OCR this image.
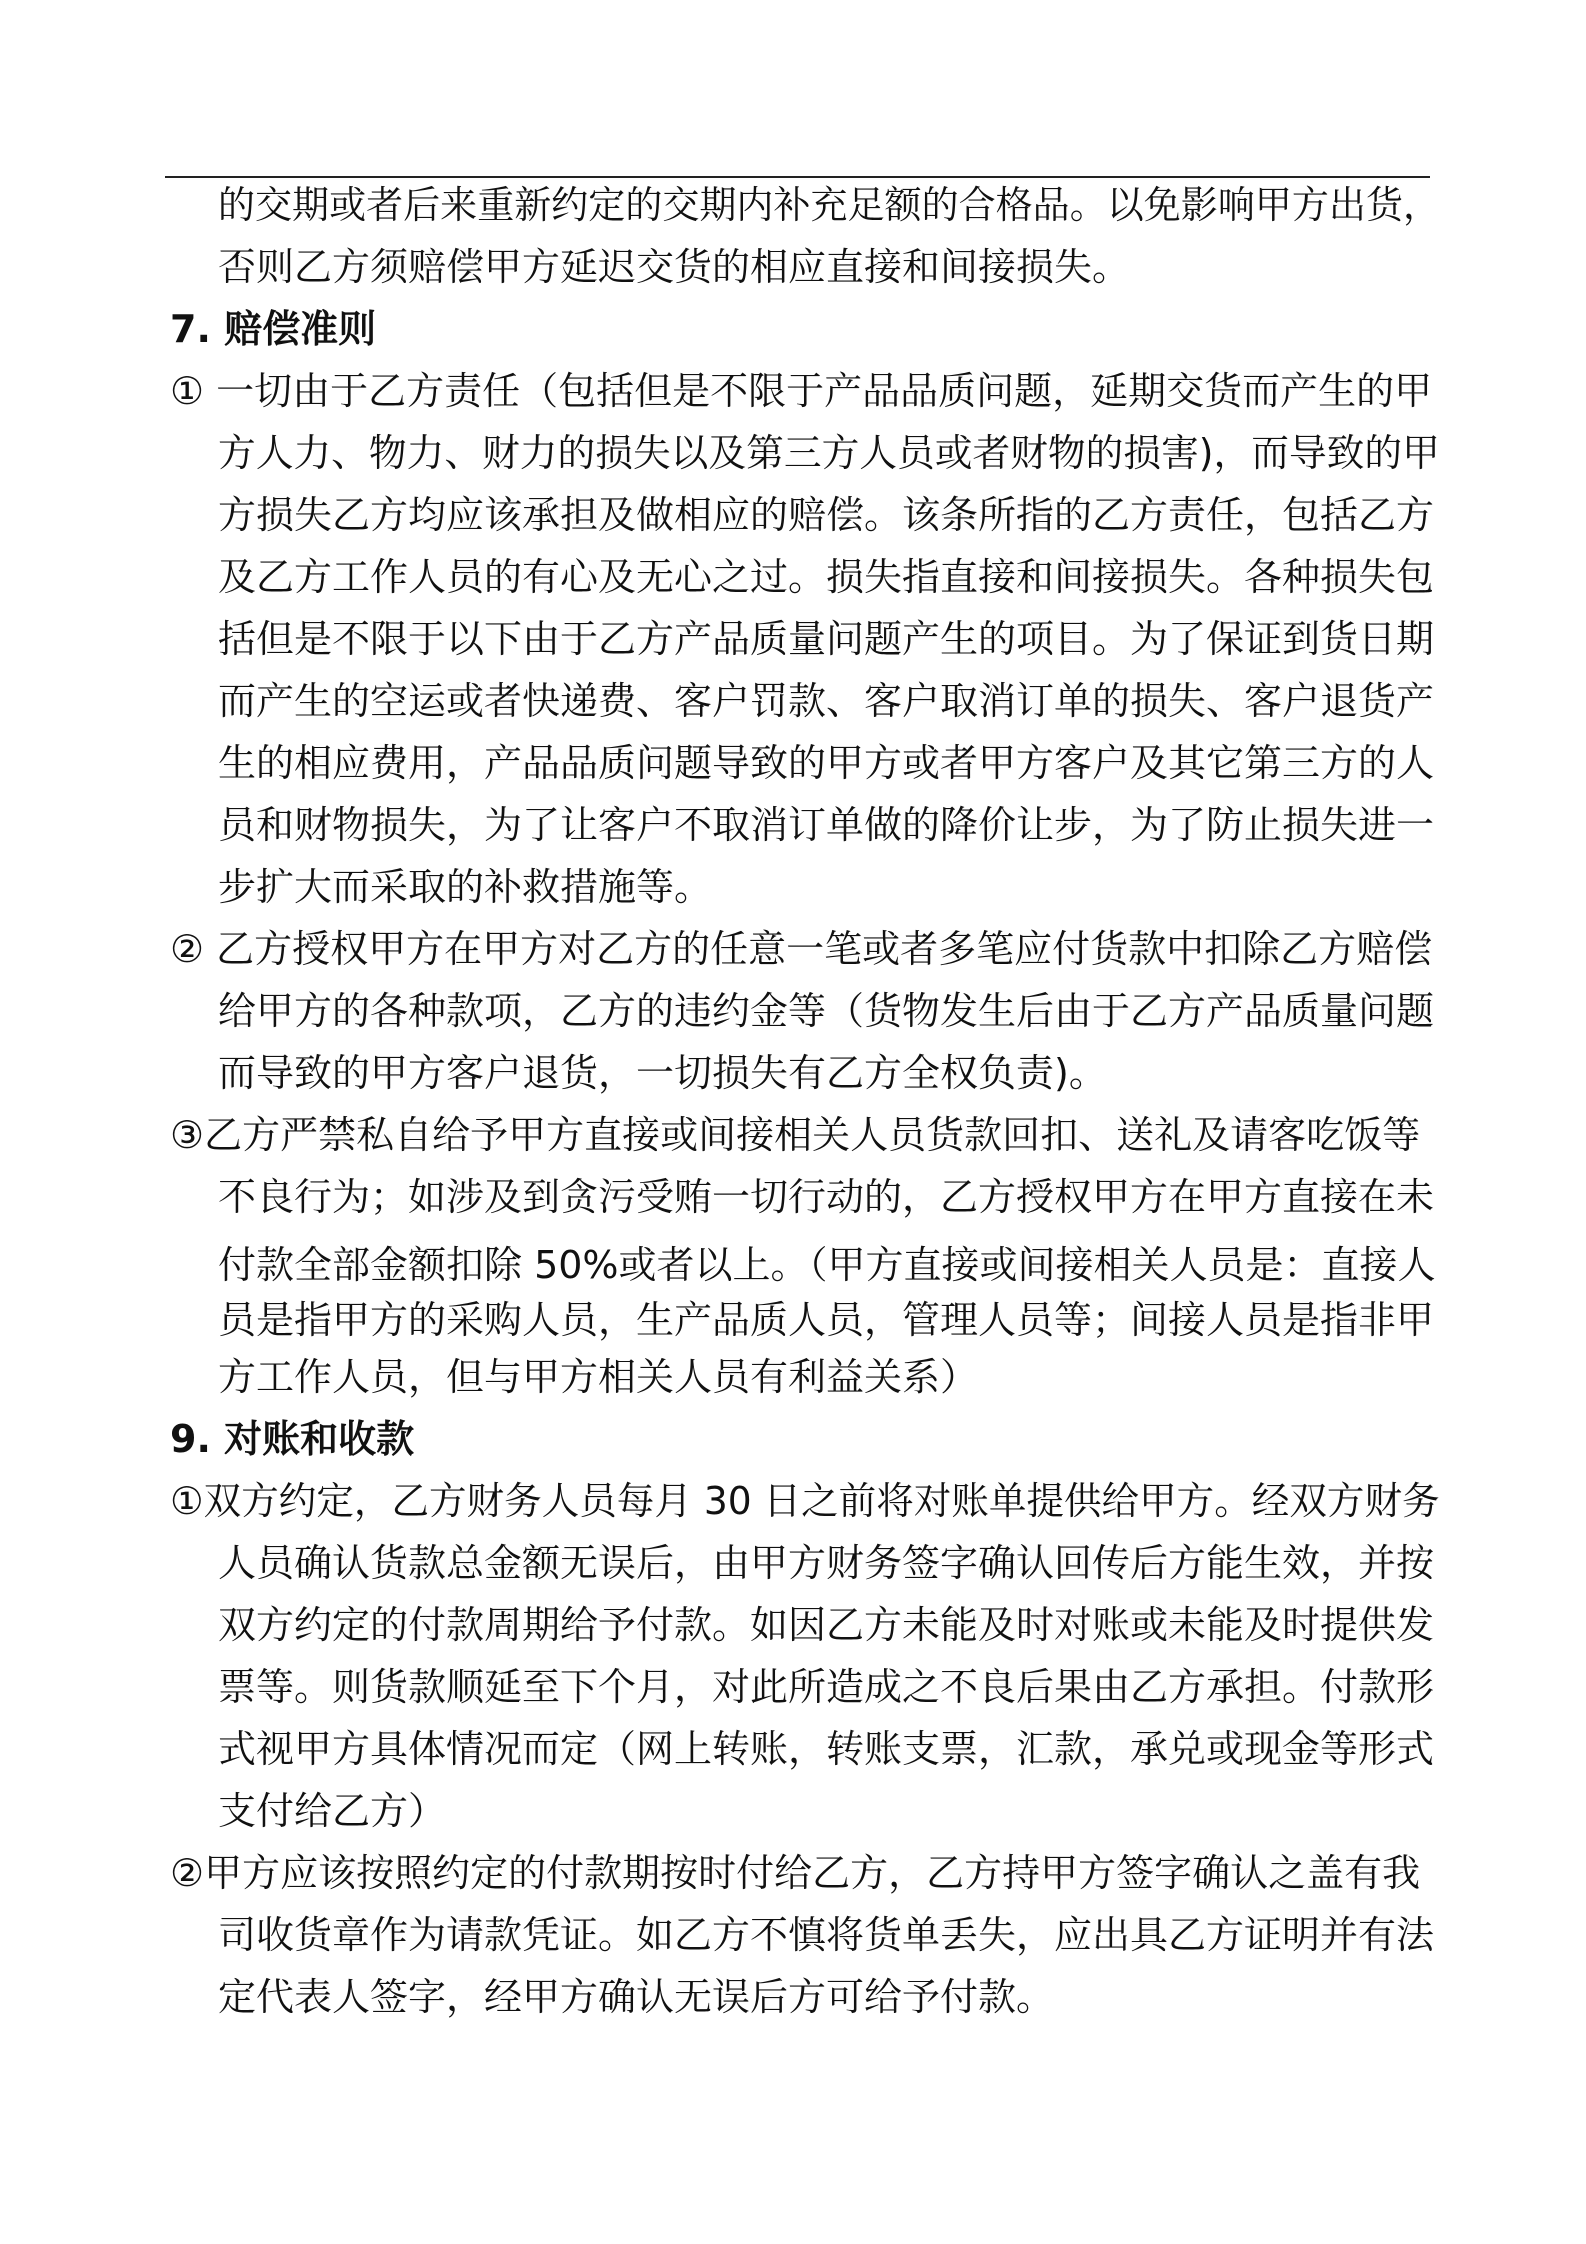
的交期或者后来重新约定的交期内补充足额的合格品。以免影响甲方出货，
否则乙方须赔偿甲方延迟交货的相应直接和间接损失。
7. 赔偿准则
① 一切由于乙方责任（包括但是不限于产品品质问题，延期交货而产生的甲
方人力、物力、财力的损失以及第三方人员或者财物的损害)，而导致的甲
方损失乙方均应该承担及做相应的赔偿。该条所指的乙方责任，包括乙方
及乙方工作人员的有心及无心之过。损失指直接和间接损失。各种损失包
括但是不限于以下由于乙方产品质量问题产生的项目。为了保证到货日期
而产生的空运或者快递费、客户罚款、客户取消订单的损失、客户退货产
生的相应费用，产品品质问题导致的甲方或者甲方客户及其它第三方的人
员和财物损失，为了让客户不取消订单做的降价让步，为了防止损失进一
步扩大而采取的补救措施等。
② 乙方授权甲方在甲方对乙方的任意一笔或者多笔应付货款中扣除乙方赔偿
给甲方的各种款项，乙方的违约金等（货物发生后由于乙方产品质量问题
而导致的甲方客户退货，一切损失有乙方全权负责)。
③乙方严禁私自给予甲方直接或间接相关人员货款回扣、送礼及请客吃饭等
不良行为；如涉及到贪污受贿一切行动的，乙方授权甲方在甲方直接在未
付款全部金额扣除 50%或者以上。（甲方直接或间接相关人员是：直接人
员是指甲方的采购人员，生产品质人员，管理人员等；间接人员是指非甲
方工作人员，但与甲方相关人员有利益关系）
9. 对账和收款
①双方约定，乙方财务人员每月 30 日之前将对账单提供给甲方。经双方财务
人员确认货款总金额无误后，由甲方财务签字确认回传后方能生效，并按
双方约定的付款周期给予付款。如因乙方未能及时对账或未能及时提供发
票等。则货款顺延至下个月，对此所造成之不良后果由乙方承担。付款形
式视甲方具体情况而定（网上转账，转账支票，汇款，承兑或现金等形式
支付给乙方）
②甲方应该按照约定的付款期按时付给乙方，乙方持甲方签字确认之盖有我
司收货章作为请款凭证。如乙方不慎将货单丢失，应出具乙方证明并有法
定代表人签字，经甲方确认无误后方可给予付款。
